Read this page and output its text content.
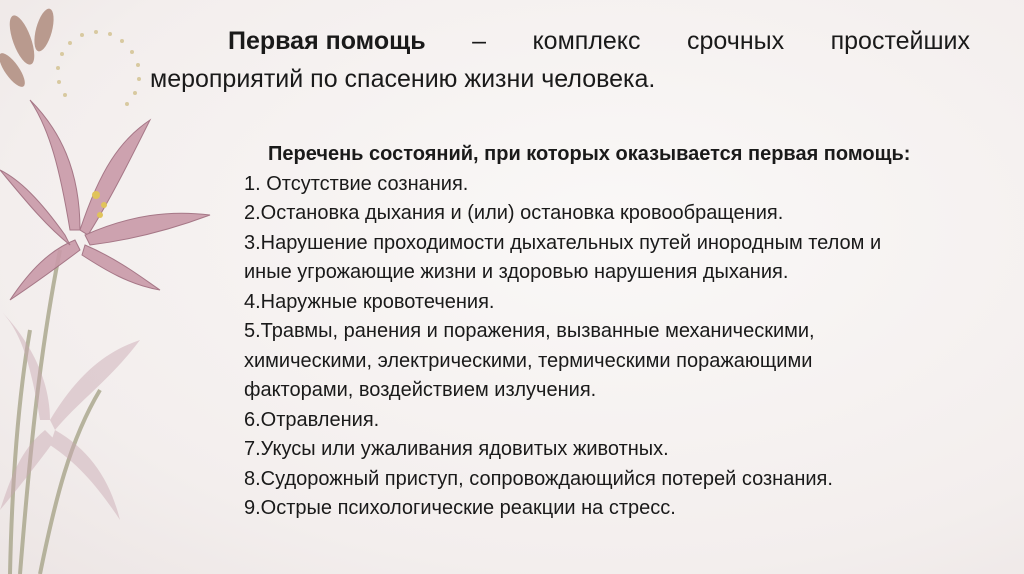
Первая помощь – комплекс срочных простейших
мероприятий по спасению жизни человека.
Перечень состояний, при которых оказывается первая помощь:
1. Отсутствие сознания.
2.Остановка дыхания и (или) остановка кровообращения.
3.Нарушение проходимости дыхательных путей инородным телом и
иные угрожающие жизни и здоровью нарушения дыхания.
4.Наружные кровотечения.
5.Травмы, ранения и поражения, вызванные механическими,
химическими, электрическими, термическими поражающими
факторами, воздействием излучения.
6.Отравления.
7.Укусы или ужаливания ядовитых животных.
8.Судорожный приступ, сопровождающийся потерей сознания.
9.Острые психологические реакции на стресс.
